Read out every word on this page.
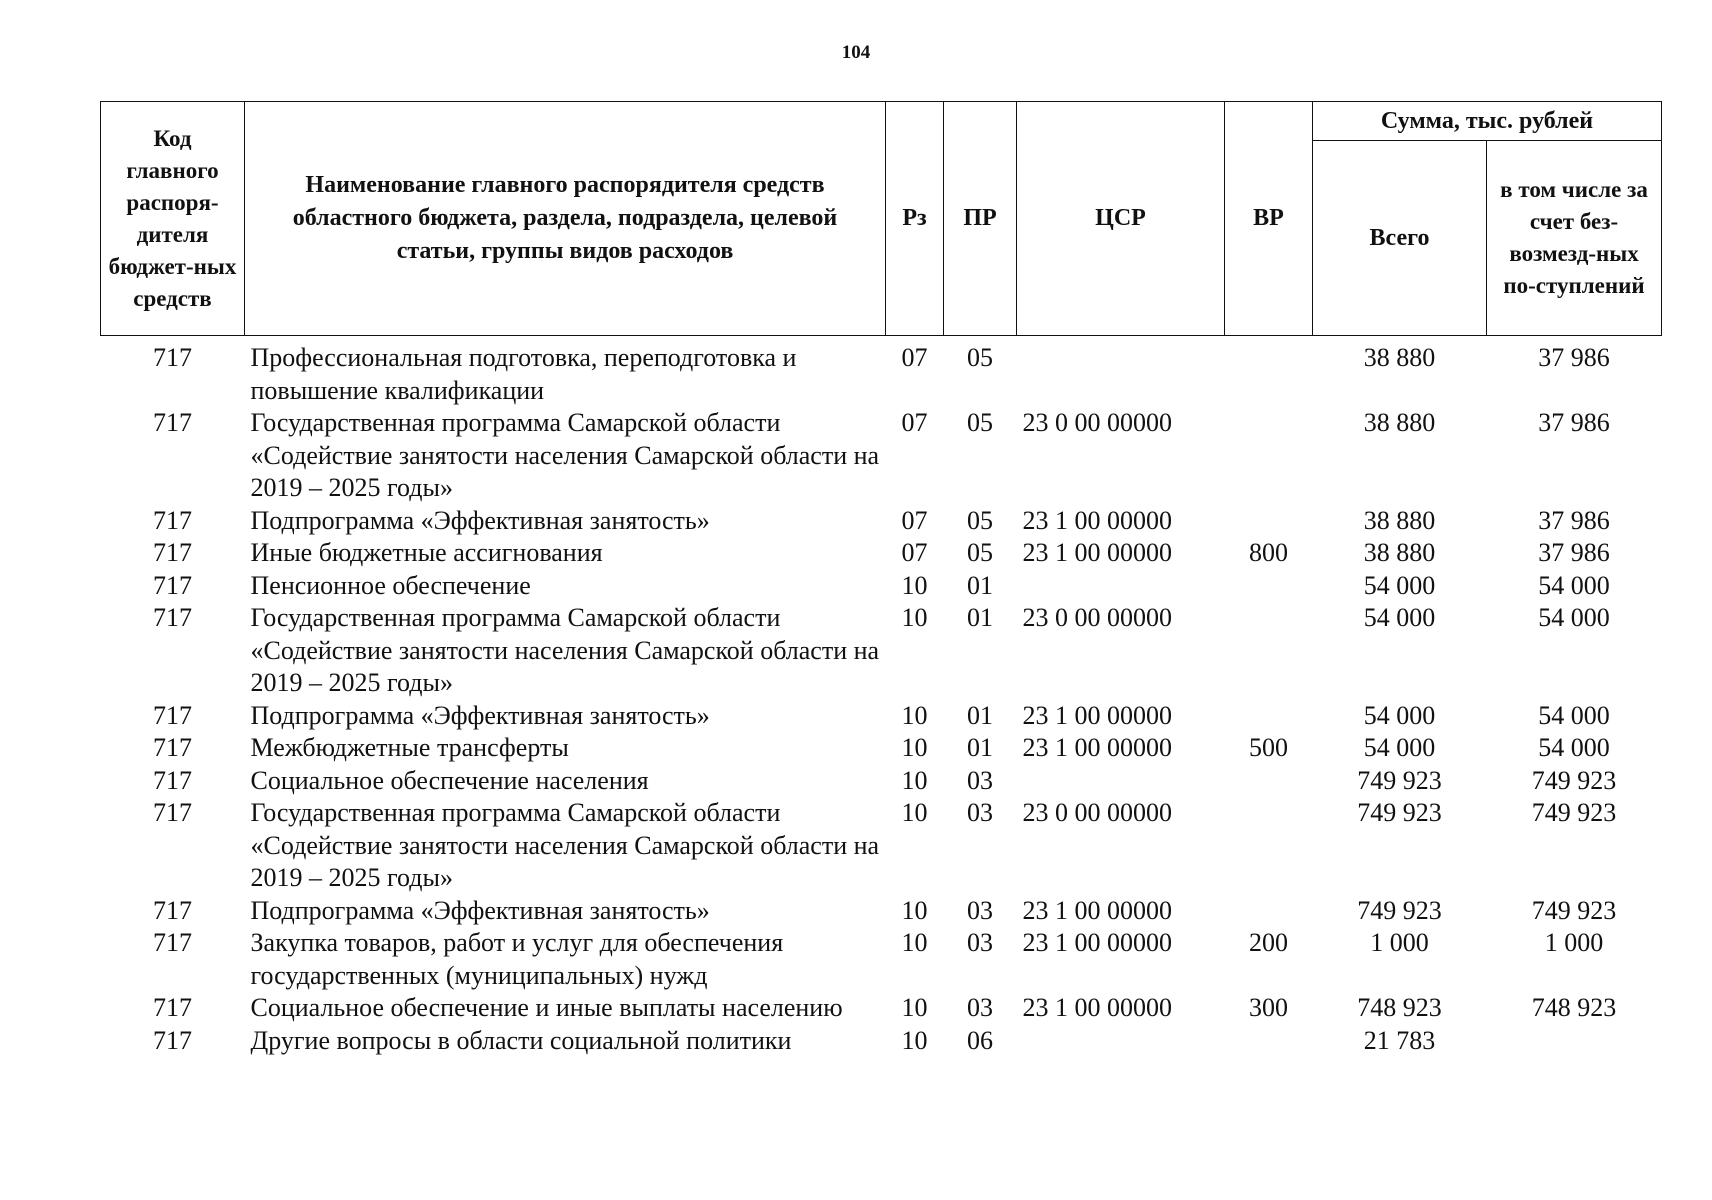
104
Код главного распоря-дителя бюджет-ных средств	Наименование главного распорядителя средств областного бюджета, раздела, подраздела, целевой статьи, группы видов расходов	Рз	ПР	ЦСР	ВР	Сумма, тыс. рублей	
						Всего	в том числе за счет без-возмезд-ных по-ступлений
717	Профессиональная подготовка, переподготовка и повышение квалификации	07	05			38 880	37 986
717	Государственная программа Самарской области «Содействие занятости населения Самарской области на 2019 – 2025 годы»	07	05	23 0 00 00000		38 880	37 986
717	Подпрограмма «Эффективная занятость»	07	05	23 1 00 00000		38 880	37 986
717	Иные бюджетные ассигнования	07	05	23 1 00 00000	800	38 880	37 986
717	Пенсионное обеспечение	10	01			54 000	54 000
717	Государственная программа Самарской области «Содействие занятости населения Самарской области на 2019 – 2025 годы»	10	01	23 0 00 00000		54 000	54 000
717	Подпрограмма «Эффективная занятость»	10	01	23 1 00 00000		54 000	54 000
717	Межбюджетные трансферты	10	01	23 1 00 00000	500	54 000	54 000
717	Социальное обеспечение населения	10	03			749 923	749 923
717	Государственная программа Самарской области «Содействие занятости населения Самарской области на 2019 – 2025 годы»	10	03	23 0 00 00000		749 923	749 923
717	Подпрограмма «Эффективная занятость»	10	03	23 1 00 00000		749 923	749 923
717	Закупка товаров, работ и услуг для обеспечения государственных (муниципальных) нужд	10	03	23 1 00 00000	200	1 000	1 000
717	Социальное обеспечение и иные выплаты населению	10	03	23 1 00 00000	300	748 923	748 923
717	Другие вопросы в области социальной политики	10	06			21 783	
